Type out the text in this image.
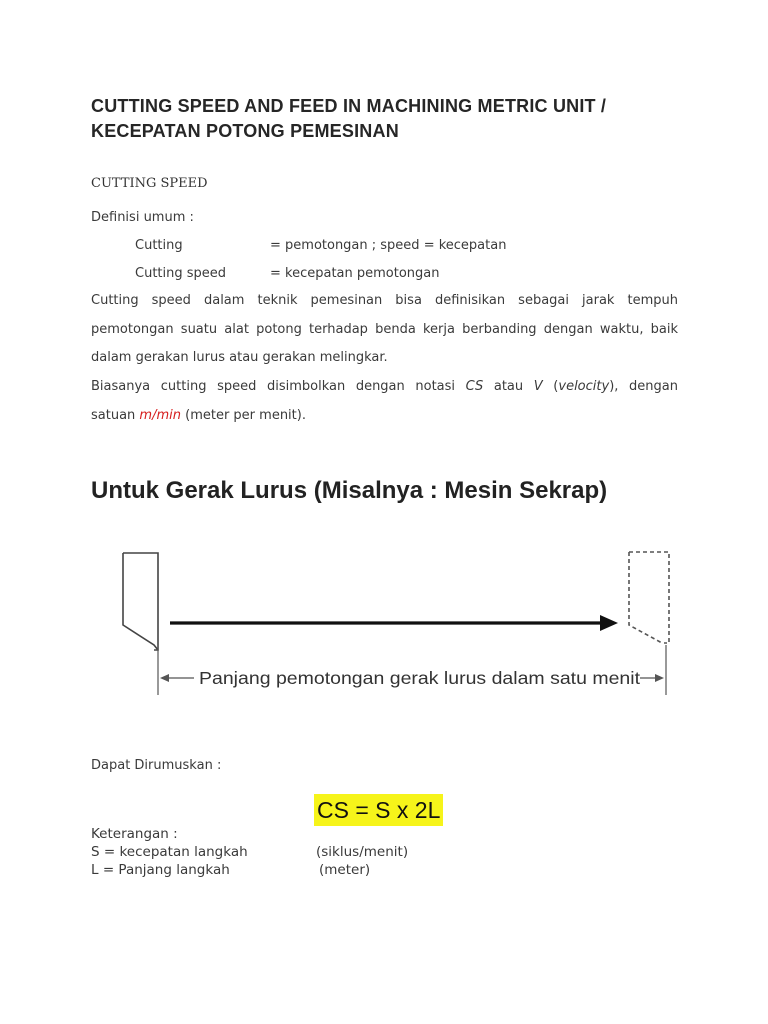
CUTTING SPEED AND FEED IN MACHINING METRIC UNIT / KECEPATAN POTONG PEMESINAN
CUTTING SPEED
Definisi umum :
Cutting	= pemotongan ; speed = kecepatan
Cutting speed	= kecepatan pemotongan
Cutting speed dalam teknik pemesinan bisa definisikan sebagai jarak tempuh
pemotongan suatu alat potong terhadap benda kerja berbanding dengan waktu, baik
dalam gerakan lurus atau gerakan melingkar.
Biasanya cutting speed disimbolkan dengan notasi CS atau V (velocity), dengan
satuan m/min (meter per menit).
Untuk Gerak Lurus (Misalnya : Mesin Sekrap)
Panjang pemotongan gerak lurus dalam satu menit
Dapat Dirumuskan :
CS = S x 2L
Keterangan :
S = kecepatan langkah	(siklus/menit)
L = Panjang langkah	(meter)
